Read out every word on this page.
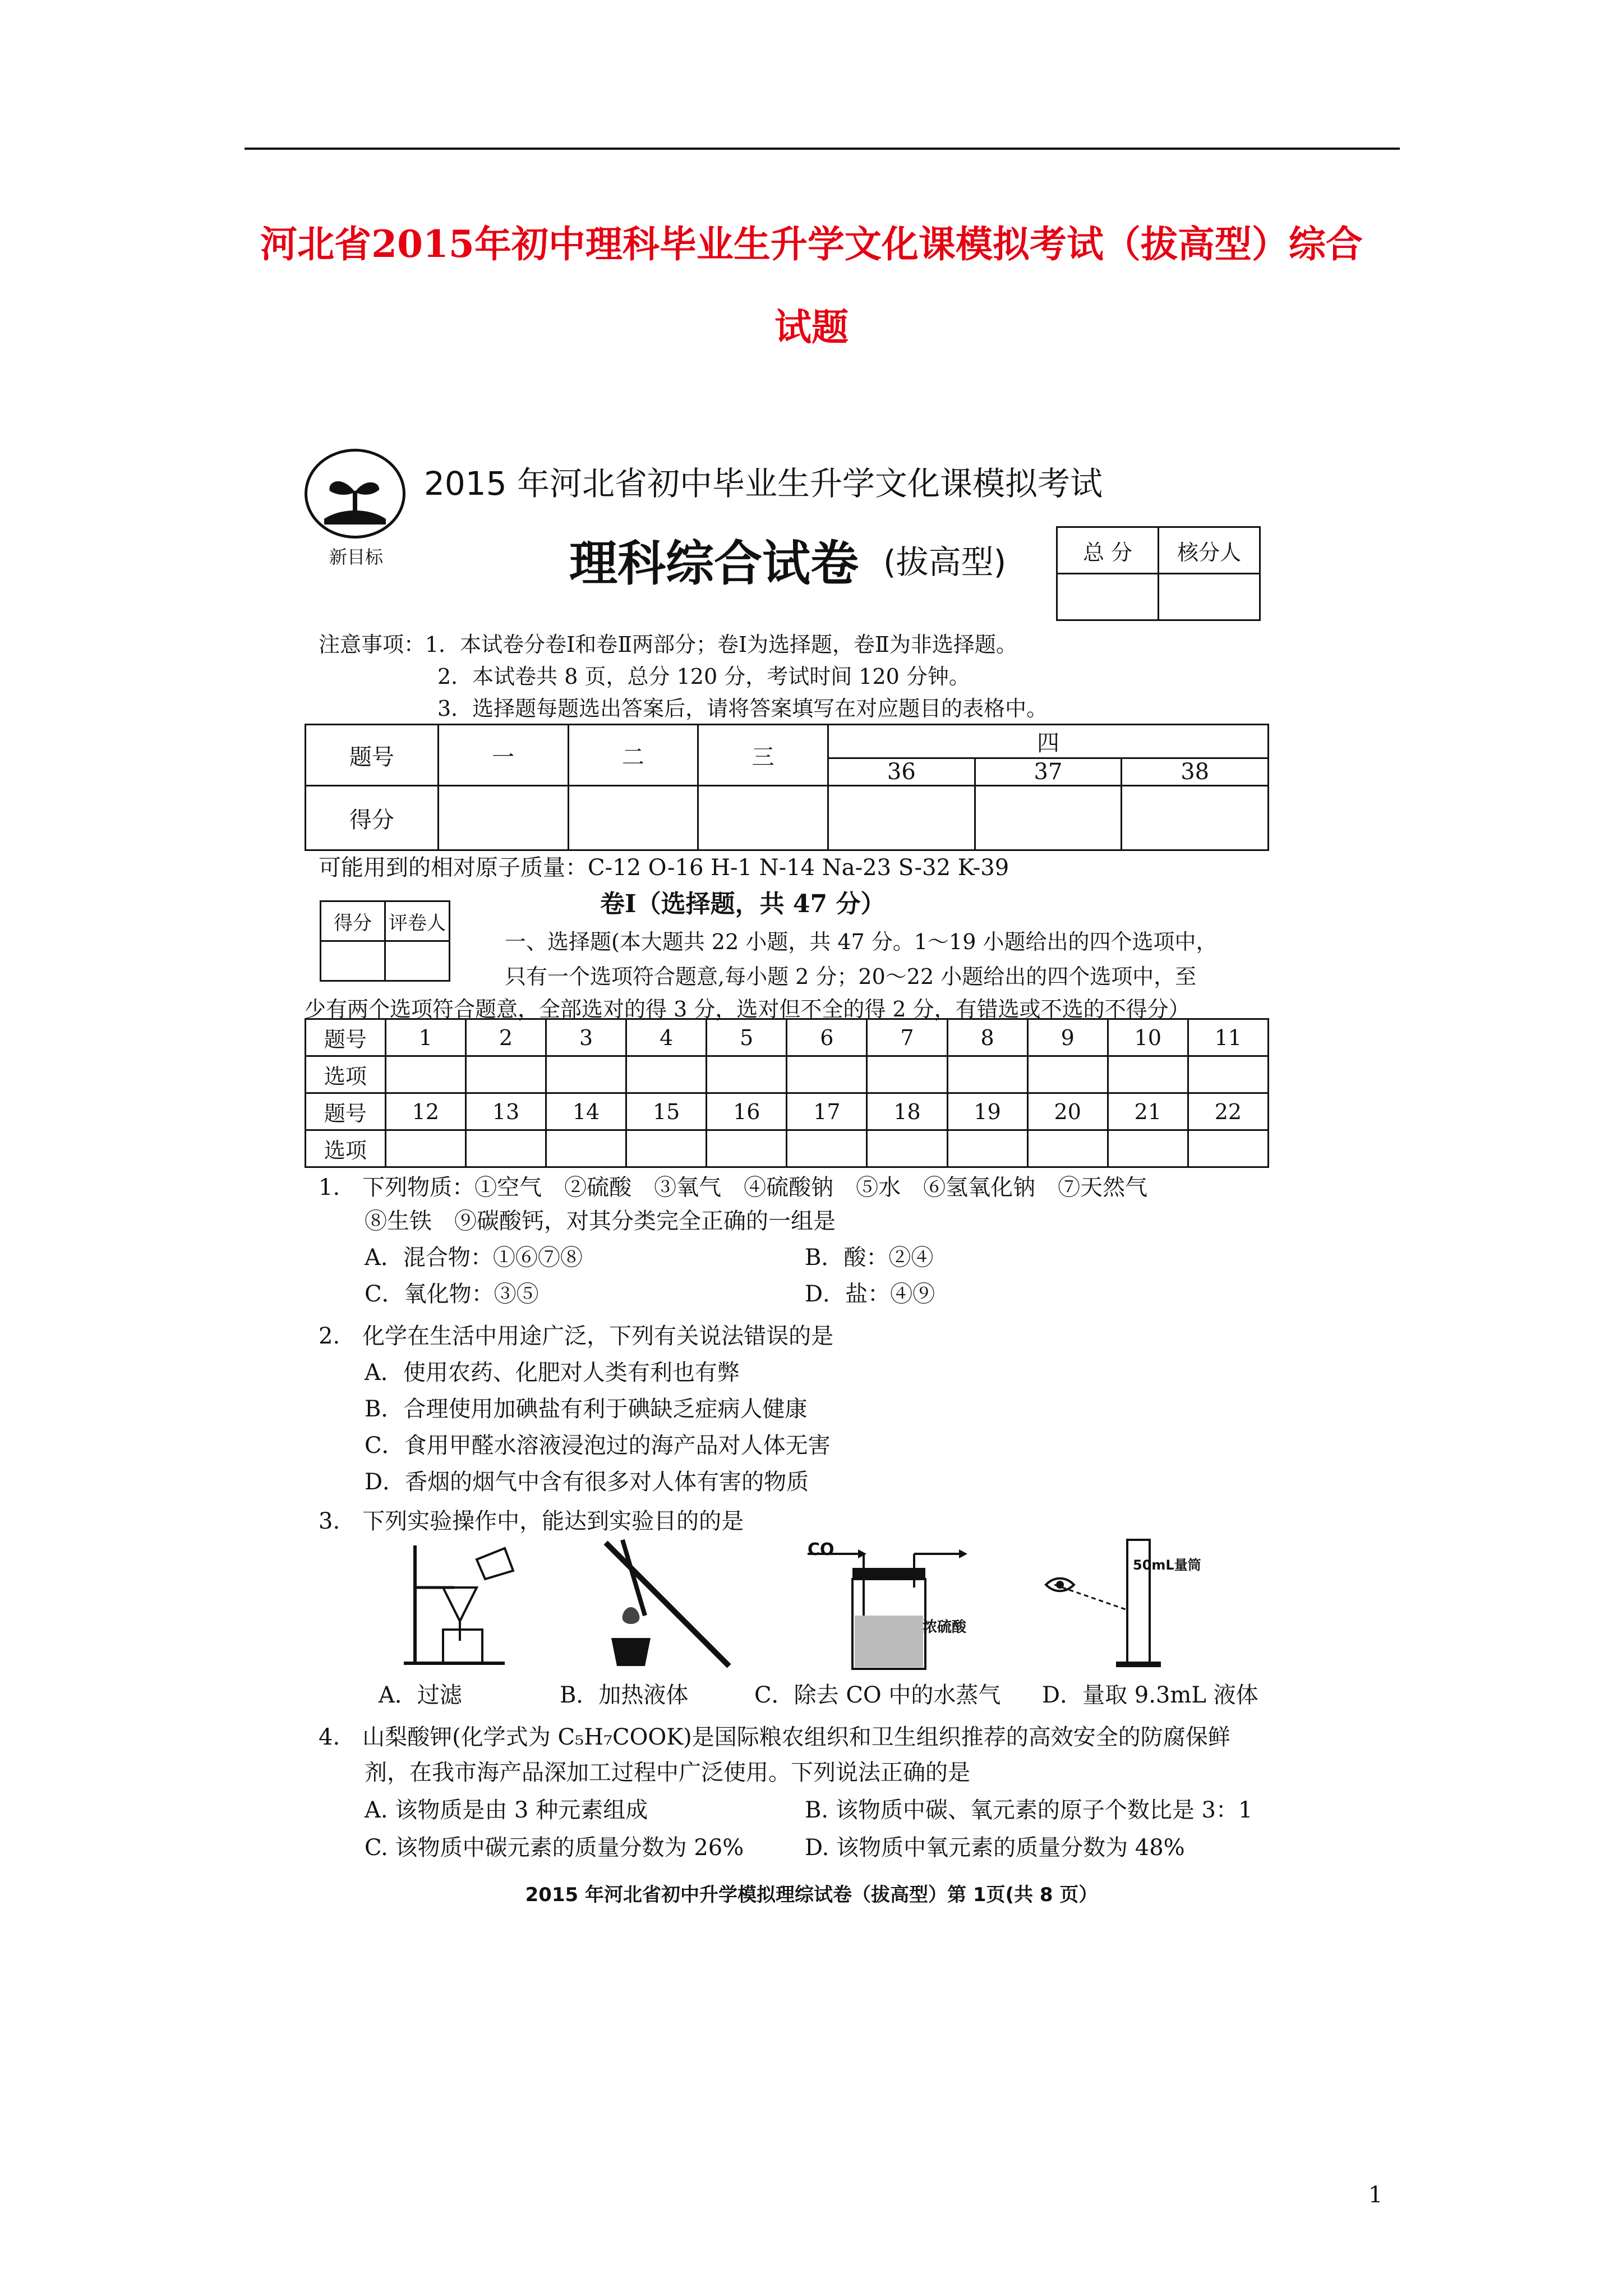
河北省2015年初中理科毕业生升学文化课模拟考试（拔高型）综合
试题
新目标
2015 年河北省初中毕业生升学文化课模拟考试
理科综合试卷 (拔高型)	总 分	核分人

注意事项：1．本试卷分卷Ⅰ和卷Ⅱ两部分；卷Ⅰ为选择题，卷Ⅱ为非选择题。
2．本试卷共 8 页，总分 120 分，考试时间 120 分钟。
3．选择题每题选出答案后，请将答案填写在对应题目的表格中。
题号	一	二	三	四		
				36	37	38
得分						
可能用到的相对原子质量：C-12 O-16 H-1 N-14 Na-23 S-32 K-39
得分	评卷人

卷Ⅰ（选择题，共 47 分）
一、选择题(本大题共 22 小题，共 47 分。1～19 小题给出的四个选项中，
只有一个选项符合题意,每小题 2 分；20～22 小题给出的四个选项中，至
少有两个选项符合题意，全部选对的得 3 分，选对但不全的得 2 分，有错选或不选的不得分）
题号	1	2	3	4	5	6	7	8	9	10	11
选项											
题号	12	13	14	15	16	17	18	19	20	21	22
选项											
1.　下列物质：①空气　②硫酸　③氧气　④硫酸钠　⑤水　⑥氢氧化钠　⑦天然气
⑧生铁　⑨碳酸钙，对其分类完全正确的一组是
A．混合物：①⑥⑦⑧	B．酸：②④
C．氧化物：③⑤	D．盐：④⑨
2.　化学在生活中用途广泛，下列有关说法错误的是
A．使用农药、化肥对人类有利也有弊
B．合理使用加碘盐有利于碘缺乏症病人健康
C．食用甲醛水溶液浸泡过的海产品对人体无害
D．香烟的烟气中含有很多对人体有害的物质
3.　下列实验操作中，能达到实验目的的是
A．过滤	B．加热液体
CO
浓硫酸
C．除去 CO 中的水蒸气
50mL量筒
D．量取 9.3mL 液体
4.　山梨酸钾(化学式为 C₅H₇COOK)是国际粮农组织和卫生组织推荐的高效安全的防腐保鲜
剂，在我市海产品深加工过程中广泛使用。下列说法正确的是
A. 该物质是由 3 种元素组成	B. 该物质中碳、氧元素的原子个数比是 3：1
C. 该物质中碳元素的质量分数为 26%	D. 该物质中氧元素的质量分数为 48%
2015 年河北省初中升学模拟理综试卷（拔高型）第 1页(共 8 页）
1
